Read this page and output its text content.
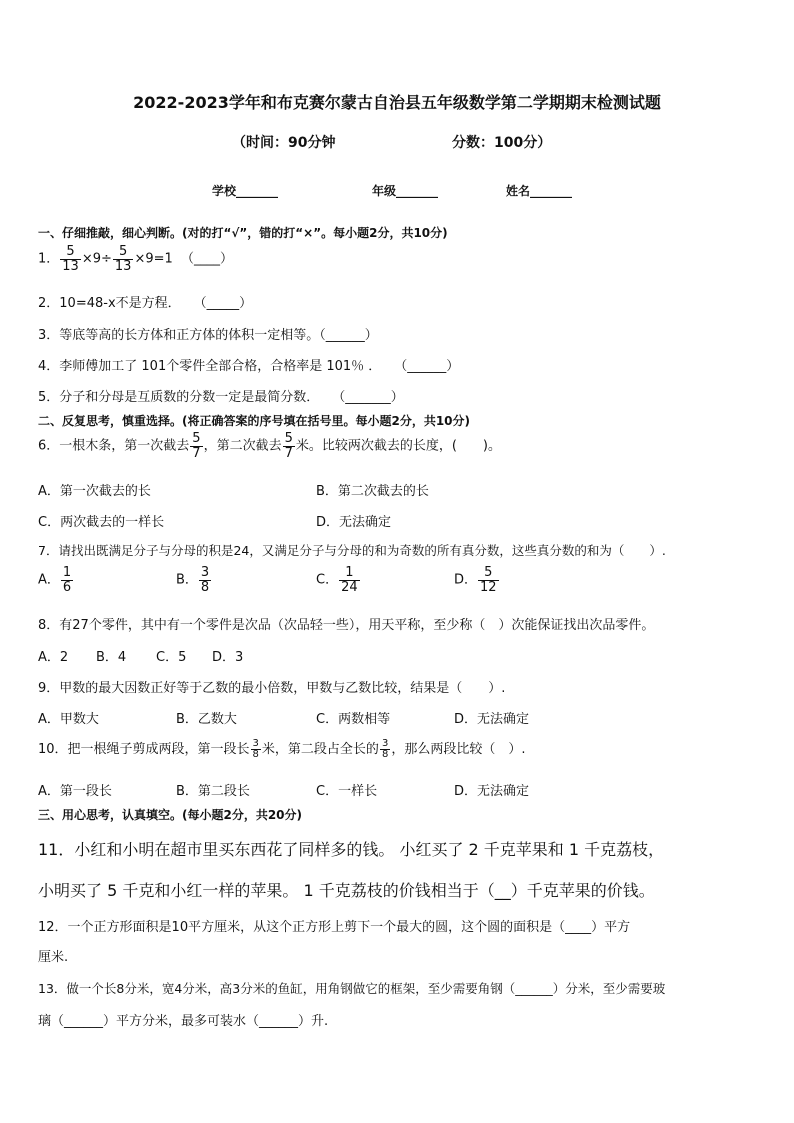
2022-2023学年和布克赛尔蒙古自治县五年级数学第二学期期末检测试题
（时间：90分钟	分数：100分）
学校_______	年级_______	姓名_______
一、仔细推敲，细心判断。(对的打“√”，错的打“×”。每小题2分，共10分)
1． $\frac{5}{13} \times 9\div \frac{5}{13} \times 9=1$ （____）
2．10=48-x不是方程．　　（_____）
3．等底等高的长方体和正方体的体积一定相等。（______）
4．李师傅加工了 101个零件全部合格，合格率是 101％ ．　　（______）
5．分子和分母是互质数的分数一定是最简分数．　　（_______）
二、反复思考，慎重选择。(将正确答案的序号填在括号里。每小题2分，共10分)
6．一根木条，第一次截去 $\frac{5}{7}$ ，第二次截去 $\frac{5}{7}$ 米。比较两次截去的长度，(　　)。
A．第一次截去的长	B．第二次截去的长
C．两次截去的一样长	D．无法确定
7．请找出既满足分子与分母的积是24，又满足分子与分母的和为奇数的所有真分数，这些真分数的和为（　　）.
A． $\frac{1}{6}$	B． $\frac{3}{8}$	C． $\frac{1}{24}$	D． $\frac{5}{12}$
8．有27个零件，其中有一个零件是次品（次品轻一些），用天平称，至少称（　）次能保证找出次品零件。
A．2 B．4 C．5 D．3
9．甲数的最大因数正好等于乙数的最小倍数，甲数与乙数比较，结果是（　　）.
A．甲数大	B．乙数大	C．两数相等	D．无法确定
10．把一根绳子剪成两段，第一段长 $\frac{3}{8}$ 米，第二段占全长的 $\frac{3}{8}$ ，那么两段比较（　）.
A．第一段长	B．第二段长	C．一样长	D．无法确定
三、用心思考，认真填空。(每小题2分，共20分)
11．小红和小明在超市里买东西花了同样多的钱。 小红买了 2 千克苹果和 1 千克荔枝，
小明买了 5 千克和小红一样的苹果。 1 千克荔枝的价钱相当于（__）千克苹果的价钱。
12．一个正方形面积是10平方厘米，从这个正方形上剪下一个最大的圆，这个圆的面积是（____）平方
厘米.
13．做一个长8分米，宽4分米，高3分米的鱼缸，用角钢做它的框架，至少需要角钢（______）分米，至少需要玻
璃（______）平方分米，最多可装水（______）升.
